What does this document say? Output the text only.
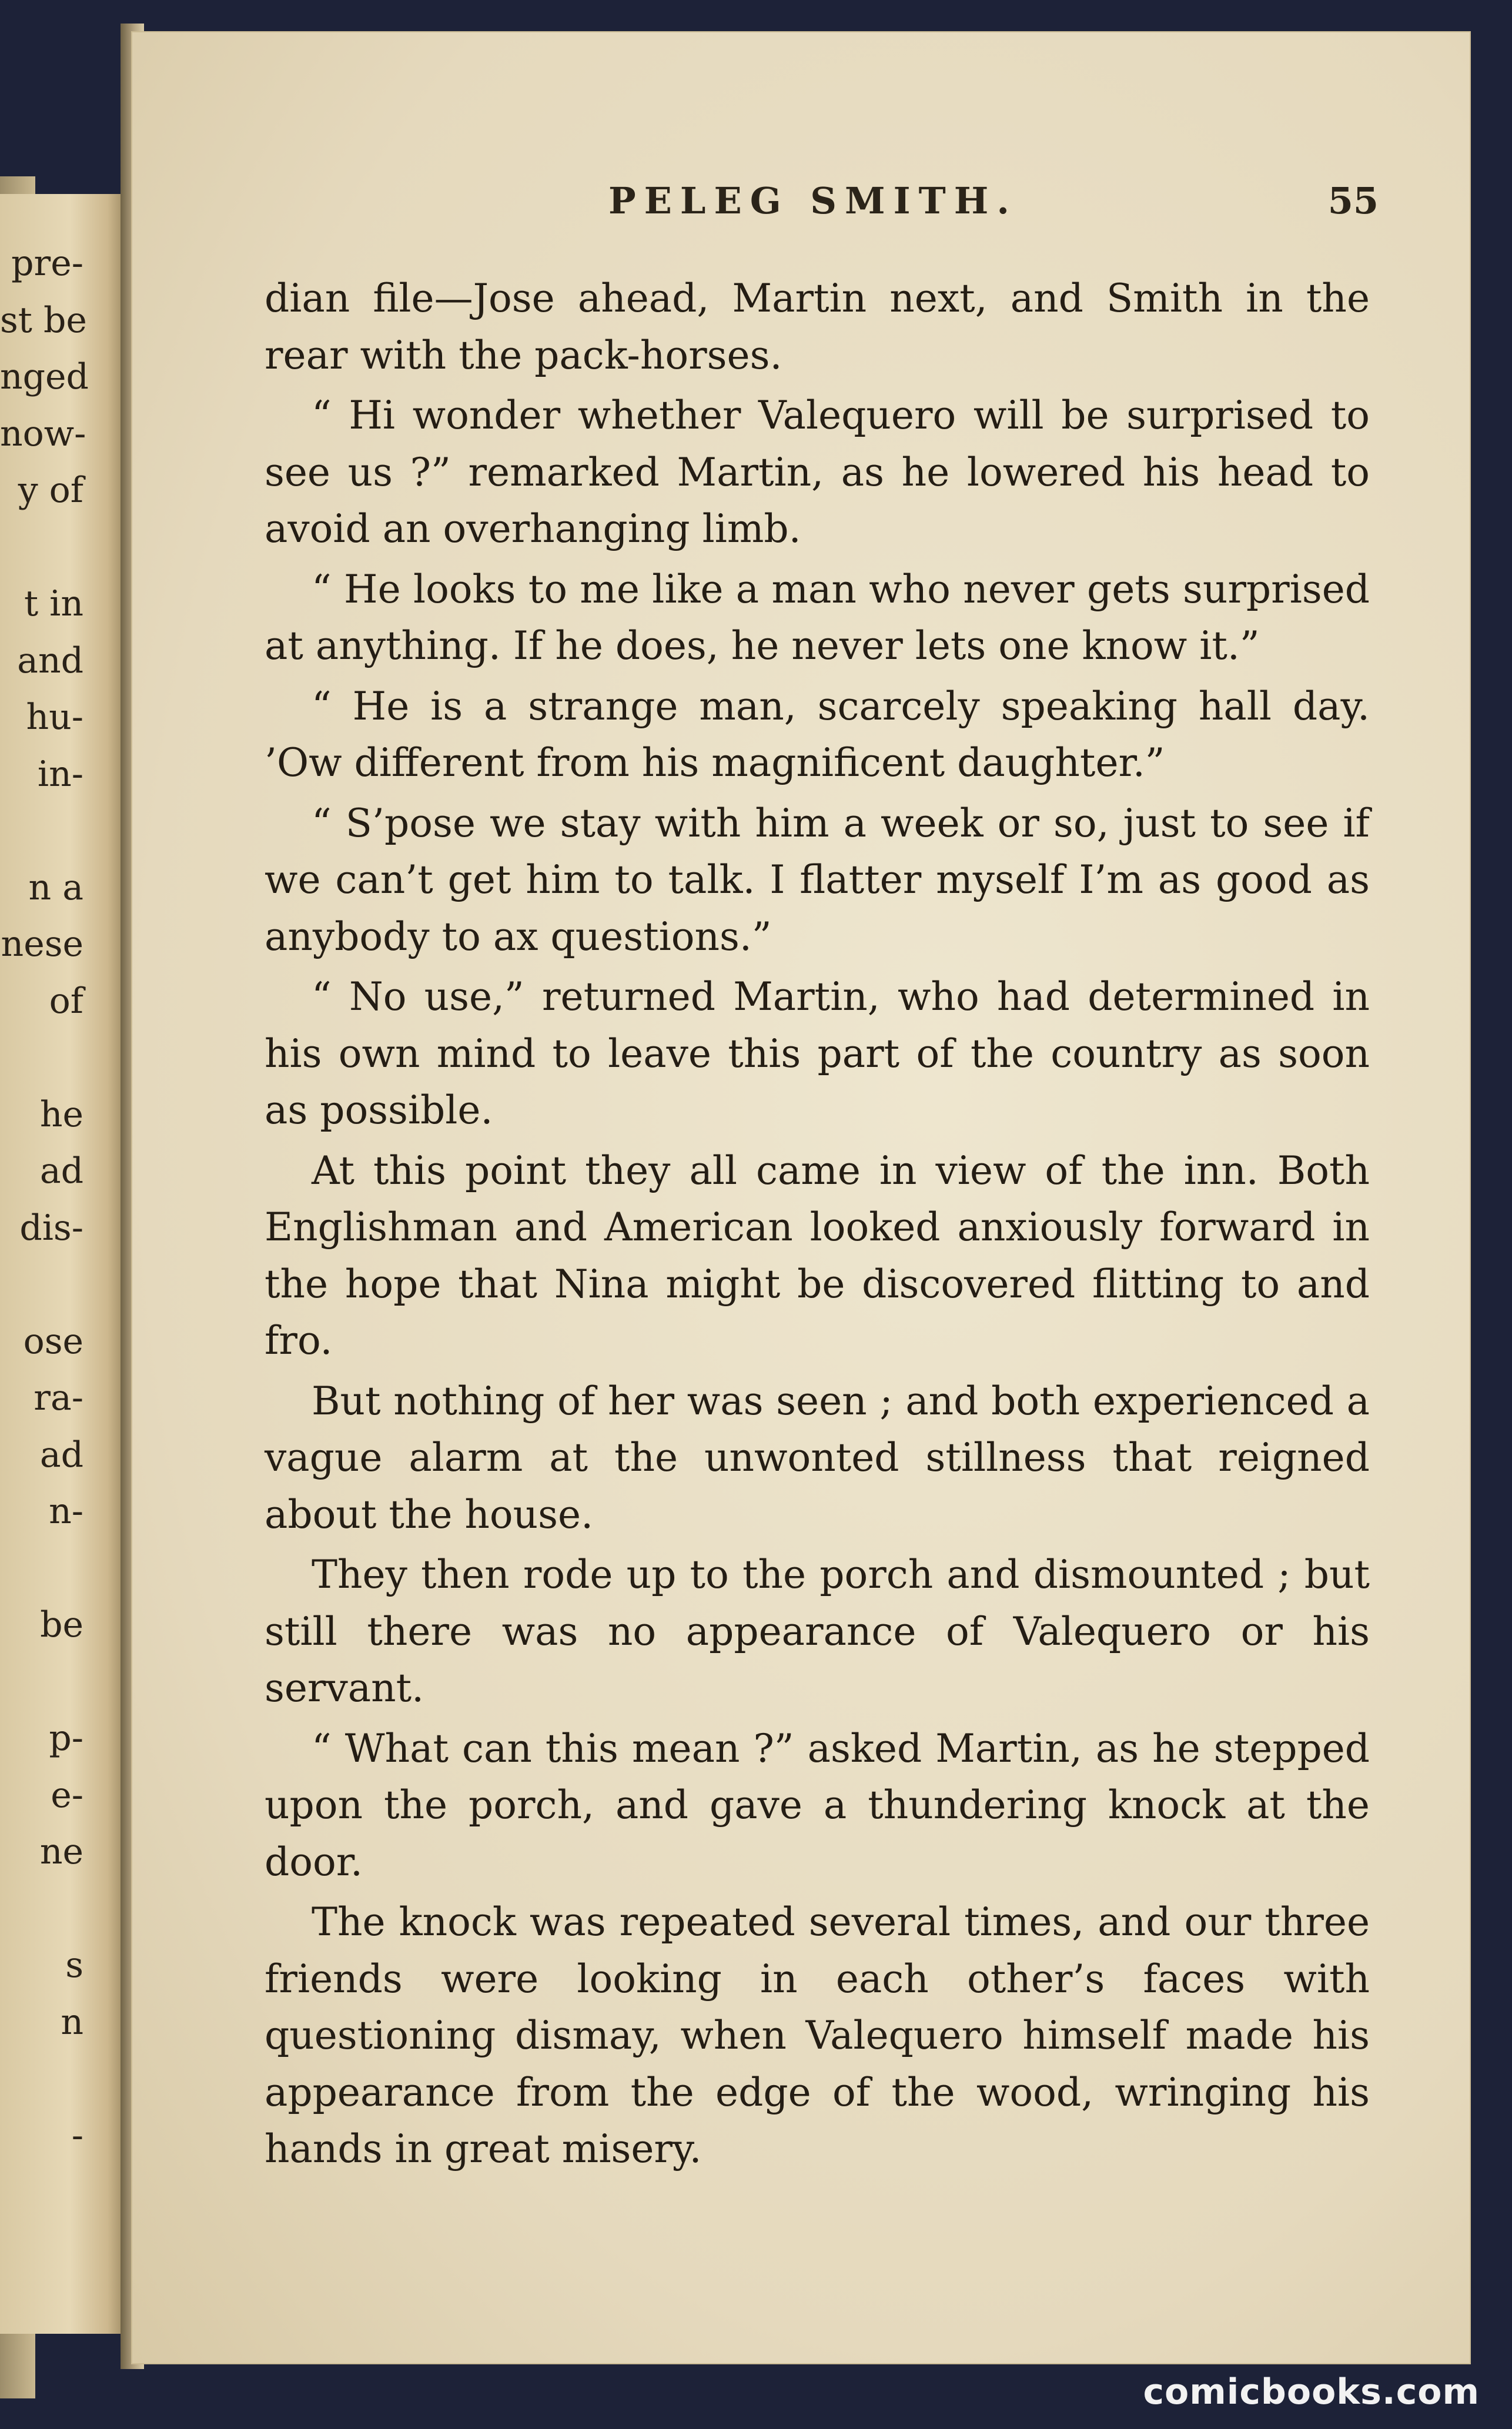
pre-
st be
nged
now-
y of

t in
and
hu-
in-

n a
nese
of

he
ad
dis-

ose
ra-
ad
n-

be

p-
e-
ne

s
n

-
PELEG SMITH.	55

dian file—Jose ahead, Martin next, and Smith in the rear with the pack-horses.

“ Hi wonder whether Valequero will be surprised to see us ?” remarked Martin, as he lowered his head to avoid an overhanging limb.

“ He looks to me like a man who never gets surprised at anything. If he does, he never lets one know it.”

“ He is a strange man, scarcely speaking hall day. ’Ow different from his magnificent daughter.”

“ S’pose we stay with him a week or so, just to see if we can’t get him to talk. I flatter myself I’m as good as anybody to ax questions.”

“ No use,” returned Martin, who had determined in his own mind to leave this part of the country as soon as possible.

At this point they all came in view of the inn. Both Englishman and American looked anxiously forward in the hope that Nina might be discovered flitting to and fro.

But nothing of her was seen ; and both experienced a vague alarm at the unwonted stillness that reigned about the house.

They then rode up to the porch and dismounted ; but still there was no appearance of Valequero or his servant.

“ What can this mean ?” asked Martin, as he stepped upon the porch, and gave a thundering knock at the door.

The knock was repeated several times, and our three friends were looking in each other’s faces with questioning dismay, when Valequero himself made his appearance from the edge of the wood, wringing his hands in great misery.

comicbooks.com
